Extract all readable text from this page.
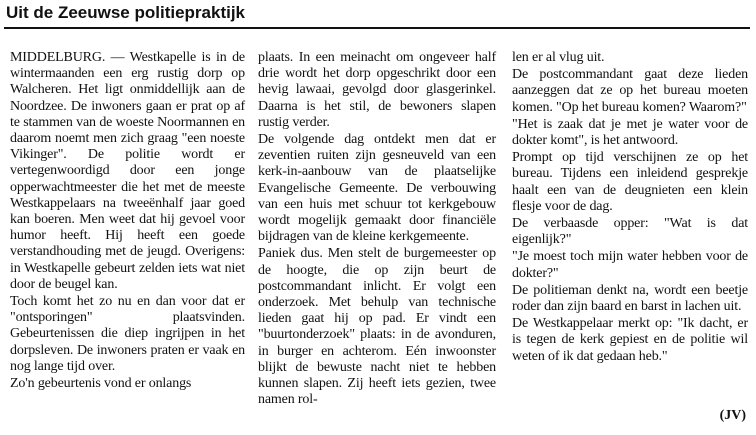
Uit de Zeeuwse politiepraktijk

MIDDELBURG. — Westkapelle is in de wintermaanden een erg rustig dorp op Walcheren. Het ligt onmiddellijk aan de Noordzee. De inwoners gaan er prat op af te stammen van de woeste Noormannen en daarom noemt men zich graag "een noeste Vikinger". De politie wordt er vertegenwoordigd door een jonge opperwachtmeester die het met de meeste Westkappelaars na tweeënhalf jaar goed kan boeren. Men weet dat hij gevoel voor humor heeft. Hij heeft een goede verstandhouding met de jeugd. Overigens: in Westkapelle gebeurt zelden iets wat niet door de beugel kan.

Toch komt het zo nu en dan voor dat er "ontsporingen" plaatsvinden. Gebeurtenissen die diep ingrijpen in het dorpsleven. De inwoners praten er vaak en nog lange tijd over.

Zo'n gebeurtenis vond er onlangs

plaats. In een meinacht om ongeveer half drie wordt het dorp opgeschrikt door een hevig lawaai, gevolgd door glasgerinkel. Daarna is het stil, de bewoners slapen rustig verder.

De volgende dag ontdekt men dat er zeventien ruiten zijn gesneuveld van een kerk-in-aanbouw van de plaatselijke Evangelische Gemeente. De verbouwing van een huis met schuur tot kerkgebouw wordt mogelijk gemaakt door financiële bijdragen van de kleine kerkgemeente.

Paniek dus. Men stelt de burgemeester op de hoogte, die op zijn beurt de postcommandant inlicht. Er volgt een onderzoek. Met behulp van technische lieden gaat hij op pad. Er vindt een "buurtonderzoek" plaats: in de avonduren, in burger en achterom. Eén inwoonster blijkt de bewuste nacht niet te hebben kunnen slapen. Zij heeft iets gezien, twee namen rol-

len er al vlug uit.

De postcommandant gaat deze lieden aanzeggen dat ze op het bureau moeten komen. "Op het bureau komen? Waarom?"

"Het is zaak dat je met je water voor de dokter komt", is het antwoord.

Prompt op tijd verschijnen ze op het bureau. Tijdens een inleidend gesprekje haalt een van de deugnieten een klein flesje voor de dag.

De verbaasde opper: "Wat is dat eigenlijk?"

"Je moest toch mijn water hebben voor de dokter?"

De politieman denkt na, wordt een beetje roder dan zijn baard en barst in lachen uit.

De Westkappelaar merkt op: "Ik dacht, er is tegen de kerk gepiest en de politie wil weten of ik dat gedaan heb."

(JV)
